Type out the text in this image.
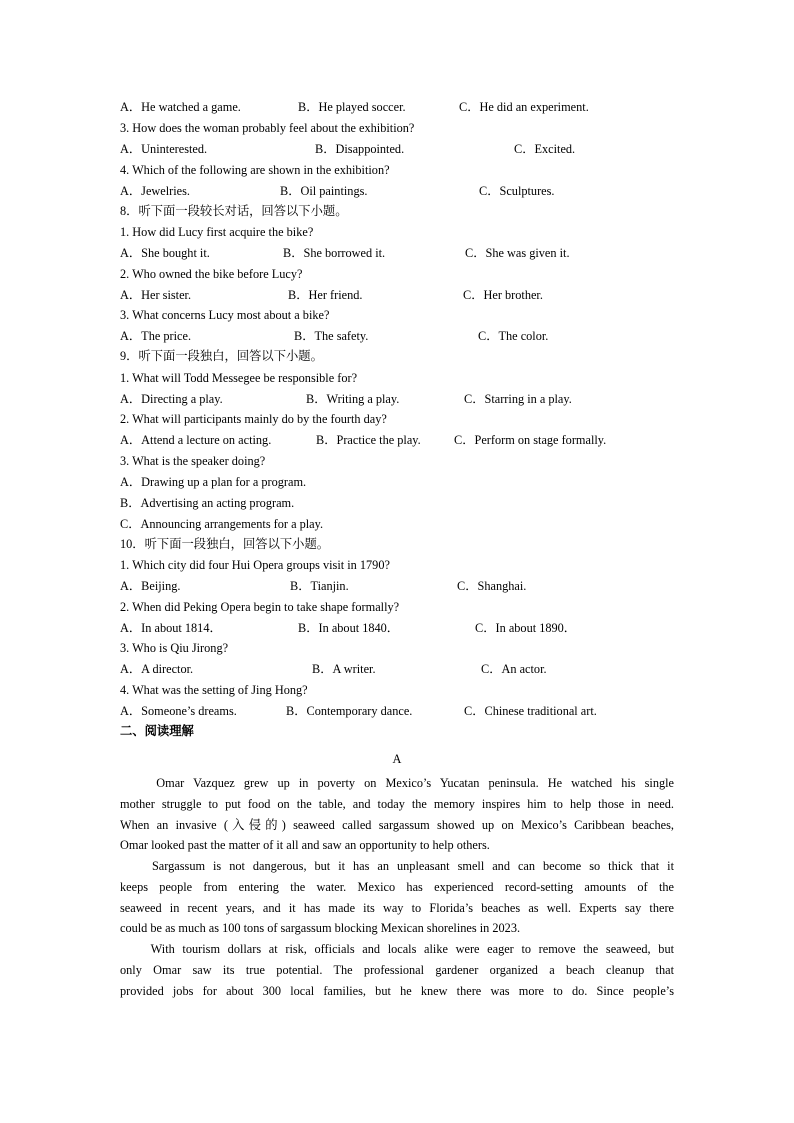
A．He watched a game.	B．He played soccer.	C．He did an experiment.
3. How does the woman probably feel about the exhibition?
A．Uninterested.	B．Disappointed.	C．Excited.
4. Which of the following are shown in the exhibition?
A．Jewelries.	B．Oil paintings.	C．Sculptures.
8．听下面一段较长对话，回答以下小题。
1. How did Lucy first acquire the bike?
A．She bought it.	B．She borrowed it.	C．She was given it.
2. Who owned the bike before Lucy?
A．Her sister.	B．Her friend.	C．Her brother.
3. What concerns Lucy most about a bike?
A．The price.	B．The safety.	C．The color.
9．听下面一段独白，回答以下小题。
1. What will Todd Messegee be responsible for?
A．Directing a play.	B．Writing a play.	C．Starring in a play.
2. What will participants mainly do by the fourth day?
A．Attend a lecture on acting.	B．Practice the play.	C．Perform on stage formally.
3. What is the speaker doing?
A．Drawing up a plan for a program.
B．Advertising an acting program.
C．Announcing arrangements for a play.
10．听下面一段独白，回答以下小题。
1. Which city did four Hui Opera groups visit in 1790?
A．Beijing.	B．Tianjin.	C．Shanghai.
2. When did Peking Opera begin to take shape formally?
A．In about 1814．	B．In about 1840．	C．In about 1890．
3. Who is Qiu Jirong?
A．A director.	B．A writer.	C．An actor.
4. What was the setting of Jing Hong?
A．Someone’s dreams.	B．Contemporary dance.	C．Chinese traditional art.
二、阅读理解
A
Omar Vazquez grew up in poverty on Mexico’s Yucatan peninsula. He watched his single
mother struggle to put food on the table, and today the memory inspires him to help those in need.
When an invasive (入侵的) seaweed called sargassum showed up on Mexico’s Caribbean beaches,
Omar looked past the matter of it all and saw an opportunity to help others.
Sargassum is not dangerous, but it has an unpleasant smell and can become so thick that it
keeps people from entering the water. Mexico has experienced record-setting amounts of the
seaweed in recent years, and it has made its way to Florida’s beaches as well. Experts say there
could be as much as 100 tons of sargassum blocking Mexican shorelines in 2023.
With tourism dollars at risk, officials and locals alike were eager to remove the seaweed, but
only Omar saw its true potential. The professional gardener organized a beach cleanup that
provided jobs for about 300 local families, but he knew there was more to do. Since people’s
